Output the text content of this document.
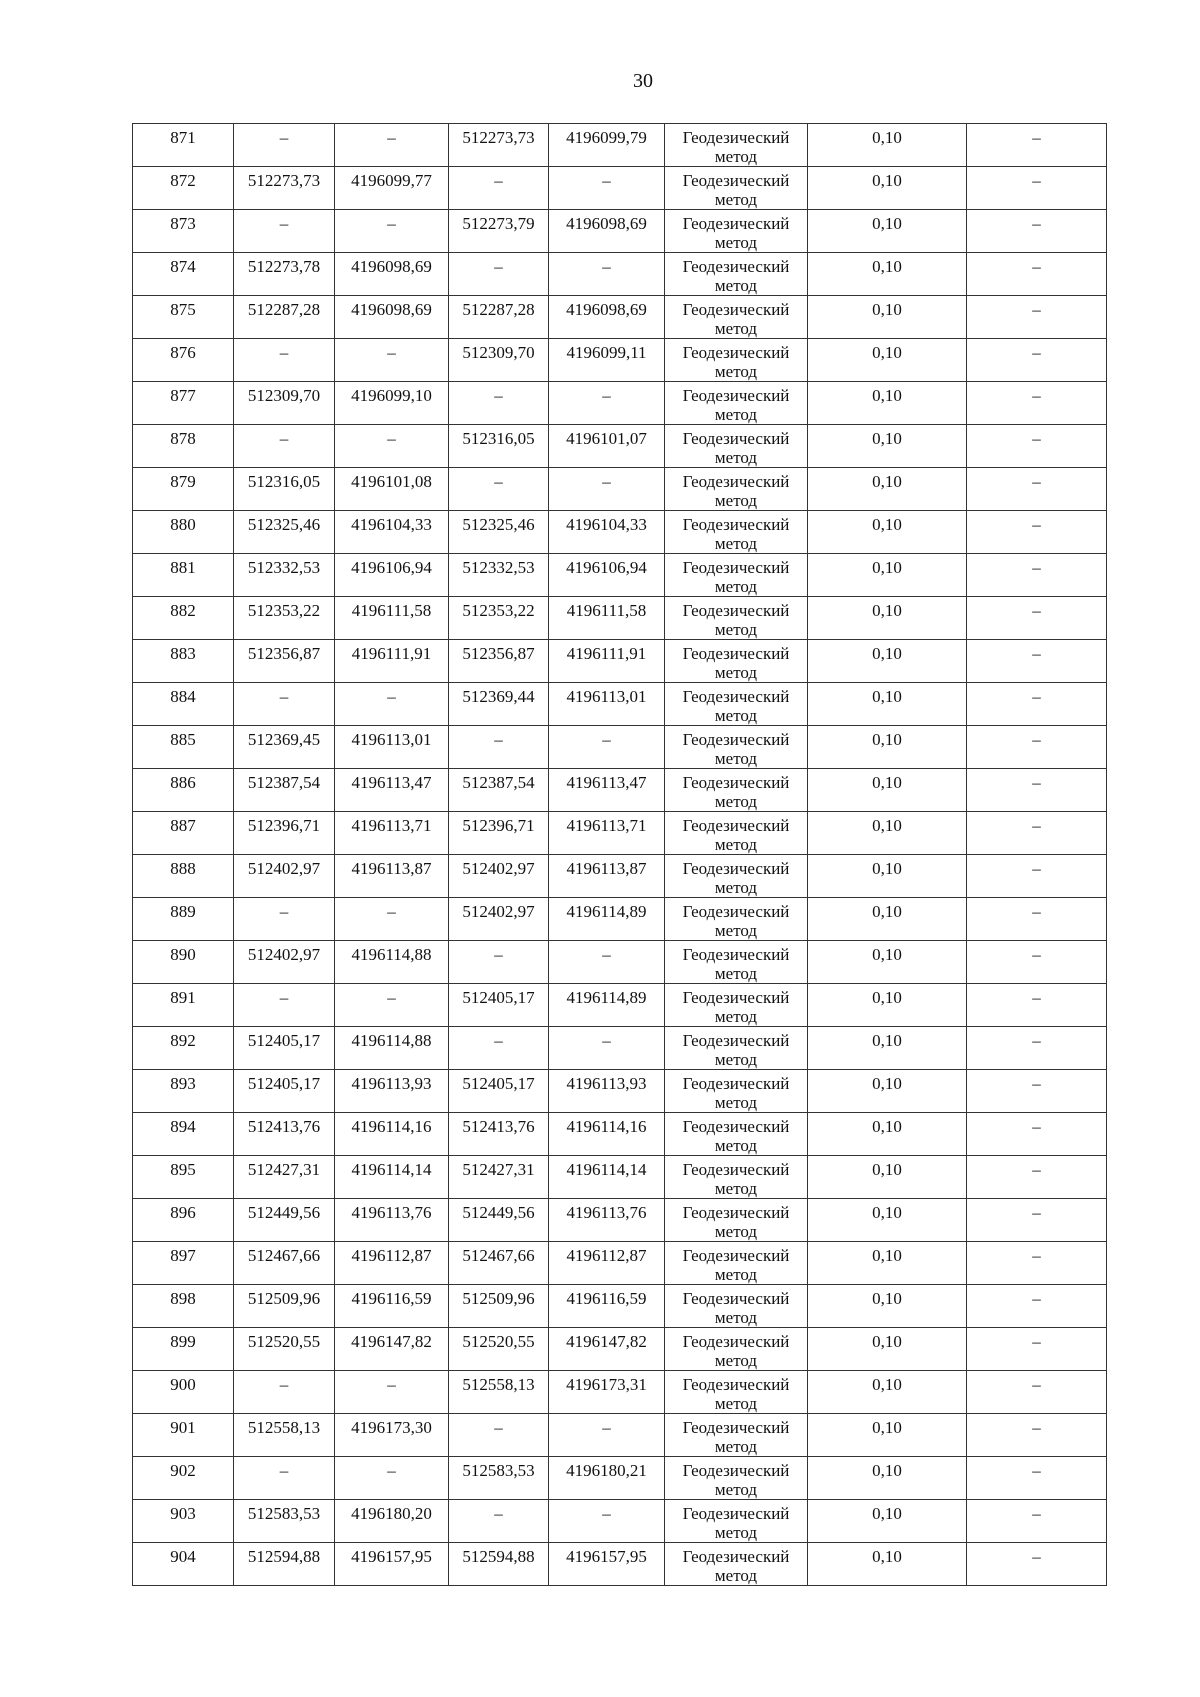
30
871	–	–	512273,73	4196099,79	Геодезический метод	0,10	–
872	512273,73	4196099,77	–	–	Геодезический метод	0,10	–
873	–	–	512273,79	4196098,69	Геодезический метод	0,10	–
874	512273,78	4196098,69	–	–	Геодезический метод	0,10	–
875	512287,28	4196098,69	512287,28	4196098,69	Геодезический метод	0,10	–
876	–	–	512309,70	4196099,11	Геодезический метод	0,10	–
877	512309,70	4196099,10	–	–	Геодезический метод	0,10	–
878	–	–	512316,05	4196101,07	Геодезический метод	0,10	–
879	512316,05	4196101,08	–	–	Геодезический метод	0,10	–
880	512325,46	4196104,33	512325,46	4196104,33	Геодезический метод	0,10	–
881	512332,53	4196106,94	512332,53	4196106,94	Геодезический метод	0,10	–
882	512353,22	4196111,58	512353,22	4196111,58	Геодезический метод	0,10	–
883	512356,87	4196111,91	512356,87	4196111,91	Геодезический метод	0,10	–
884	–	–	512369,44	4196113,01	Геодезический метод	0,10	–
885	512369,45	4196113,01	–	–	Геодезический метод	0,10	–
886	512387,54	4196113,47	512387,54	4196113,47	Геодезический метод	0,10	–
887	512396,71	4196113,71	512396,71	4196113,71	Геодезический метод	0,10	–
888	512402,97	4196113,87	512402,97	4196113,87	Геодезический метод	0,10	–
889	–	–	512402,97	4196114,89	Геодезический метод	0,10	–
890	512402,97	4196114,88	–	–	Геодезический метод	0,10	–
891	–	–	512405,17	4196114,89	Геодезический метод	0,10	–
892	512405,17	4196114,88	–	–	Геодезический метод	0,10	–
893	512405,17	4196113,93	512405,17	4196113,93	Геодезический метод	0,10	–
894	512413,76	4196114,16	512413,76	4196114,16	Геодезический метод	0,10	–
895	512427,31	4196114,14	512427,31	4196114,14	Геодезический метод	0,10	–
896	512449,56	4196113,76	512449,56	4196113,76	Геодезический метод	0,10	–
897	512467,66	4196112,87	512467,66	4196112,87	Геодезический метод	0,10	–
898	512509,96	4196116,59	512509,96	4196116,59	Геодезический метод	0,10	–
899	512520,55	4196147,82	512520,55	4196147,82	Геодезический метод	0,10	–
900	–	–	512558,13	4196173,31	Геодезический метод	0,10	–
901	512558,13	4196173,30	–	–	Геодезический метод	0,10	–
902	–	–	512583,53	4196180,21	Геодезический метод	0,10	–
903	512583,53	4196180,20	–	–	Геодезический метод	0,10	–
904	512594,88	4196157,95	512594,88	4196157,95	Геодезический метод	0,10	–
